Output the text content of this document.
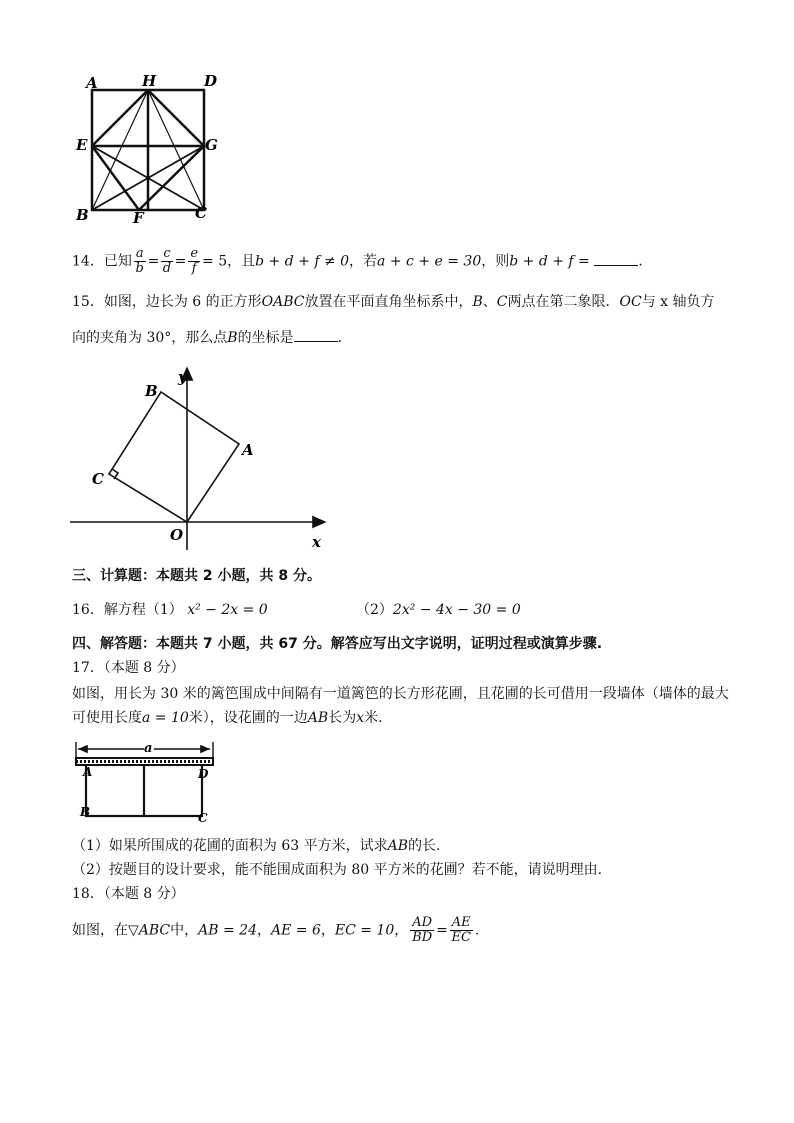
A	H	D
E	G
B	F	C
14．已知 $\frac{a}{b} = \frac{c}{d} = \frac{e}{f} = 5$，且b + d + f ≠ 0，若a + c + e = 30，则b + d + f =	.
15．如图，边长为 6 的正方形OABC放置在平面直角坐标系中，B、C两点在第二象限．OC与 x 轴负方
向的夹角为 30°，那么点B的坐标是	.
y
x
O
A
B
C
三、计算题：本题共 2 小题，共 8 分。
16．解方程（1） x² − 2x = 0	（2）2x² − 4x − 30 = 0
四、解答题：本题共 7 小题，共 67 分。解答应写出文字说明，证明过程或演算步骤.
17．（本题 8 分）
如图，用长为 30 米的篱笆围成中间隔有一道篱笆的长方形花圃，且花圃的长可借用一段墙体（墙体的最大
可使用长度a = 10米），设花圃的一边AB长为x米.
a
A	D
B	C
（1）如果所围成的花圃的面积为 63 平方米，试求AB的长.
（2）按题目的设计要求，能不能围成面积为 80 平方米的花圃？若不能，请说明理由.
18．（本题 8 分）
如图，在▽ABC中，AB = 24，AE = 6，EC = 10， $\frac{AD}{BD} = \frac{AE}{EC}$ .
